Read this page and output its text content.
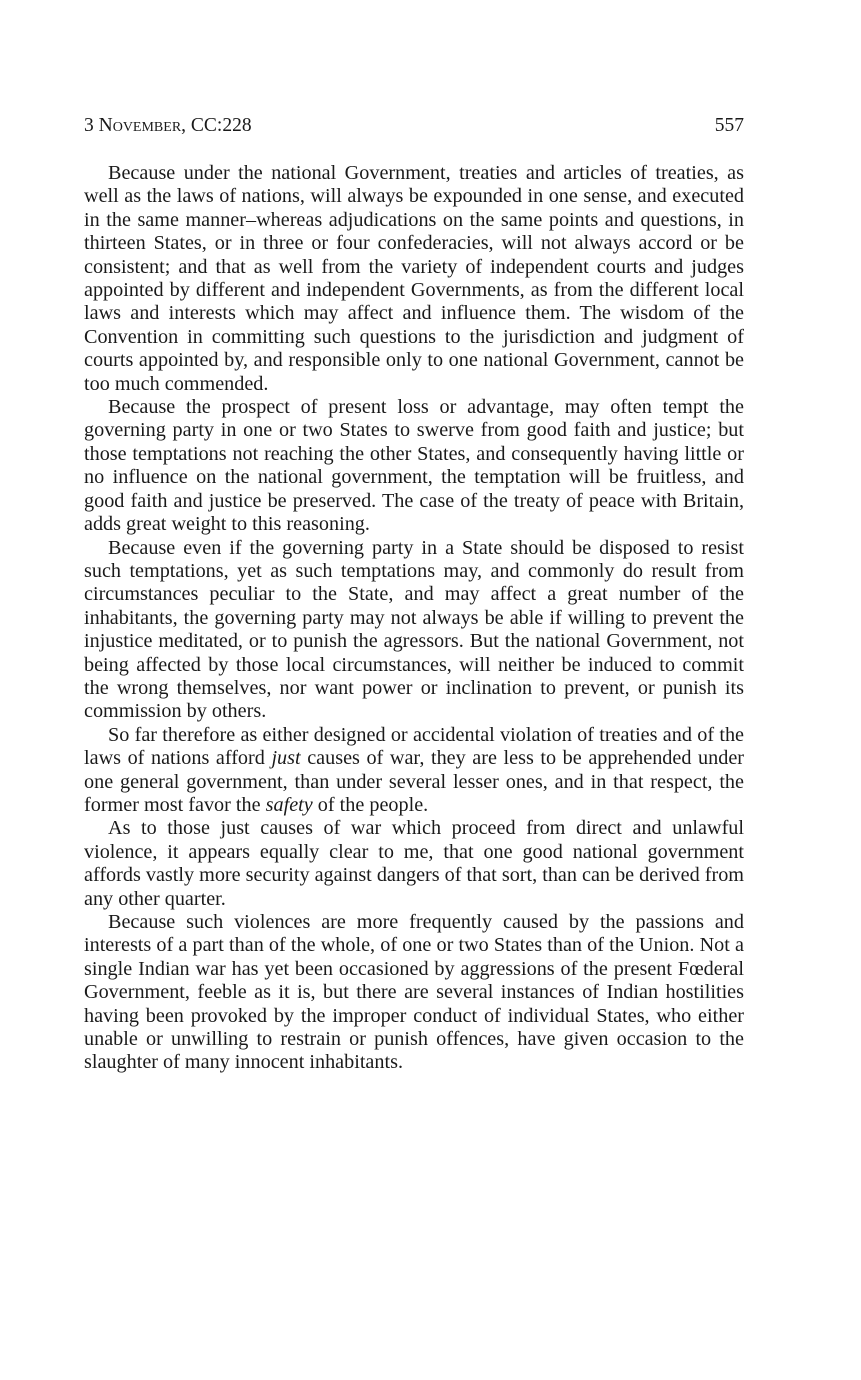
3 November, CC:228	557

Because under the national Government, treaties and articles of treaties, as well as the laws of nations, will always be expounded in one sense, and executed in the same manner–whereas adjudications on the same points and questions, in thirteen States, or in three or four confederacies, will not always accord or be consistent; and that as well from the variety of independent courts and judges appointed by different and independent Governments, as from the different local laws and interests which may affect and influence them. The wisdom of the Convention in committing such questions to the jurisdiction and judgment of courts appointed by, and responsible only to one national Government, cannot be too much commended.

Because the prospect of present loss or advantage, may often tempt the governing party in one or two States to swerve from good faith and justice; but those temptations not reaching the other States, and consequently having little or no influence on the national government, the temptation will be fruitless, and good faith and justice be preserved. The case of the treaty of peace with Britain, adds great weight to this reasoning.

Because even if the governing party in a State should be disposed to resist such temptations, yet as such temptations may, and commonly do result from circumstances peculiar to the State, and may affect a great number of the inhabitants, the governing party may not always be able if willing to prevent the injustice meditated, or to punish the agressors. But the national Government, not being affected by those local circumstances, will neither be induced to commit the wrong themselves, nor want power or inclination to prevent, or punish its commission by others.

So far therefore as either designed or accidental violation of treaties and of the laws of nations afford just causes of war, they are less to be apprehended under one general government, than under several lesser ones, and in that respect, the former most favor the safety of the people.

As to those just causes of war which proceed from direct and unlawful violence, it appears equally clear to me, that one good national government affords vastly more security against dangers of that sort, than can be derived from any other quarter.

Because such violences are more frequently caused by the passions and interests of a part than of the whole, of one or two States than of the Union. Not a single Indian war has yet been occasioned by aggressions of the present Fœderal Government, feeble as it is, but there are several instances of Indian hostilities having been provoked by the improper conduct of individual States, who either unable or unwilling to restrain or punish offences, have given occasion to the slaughter of many innocent inhabitants.
